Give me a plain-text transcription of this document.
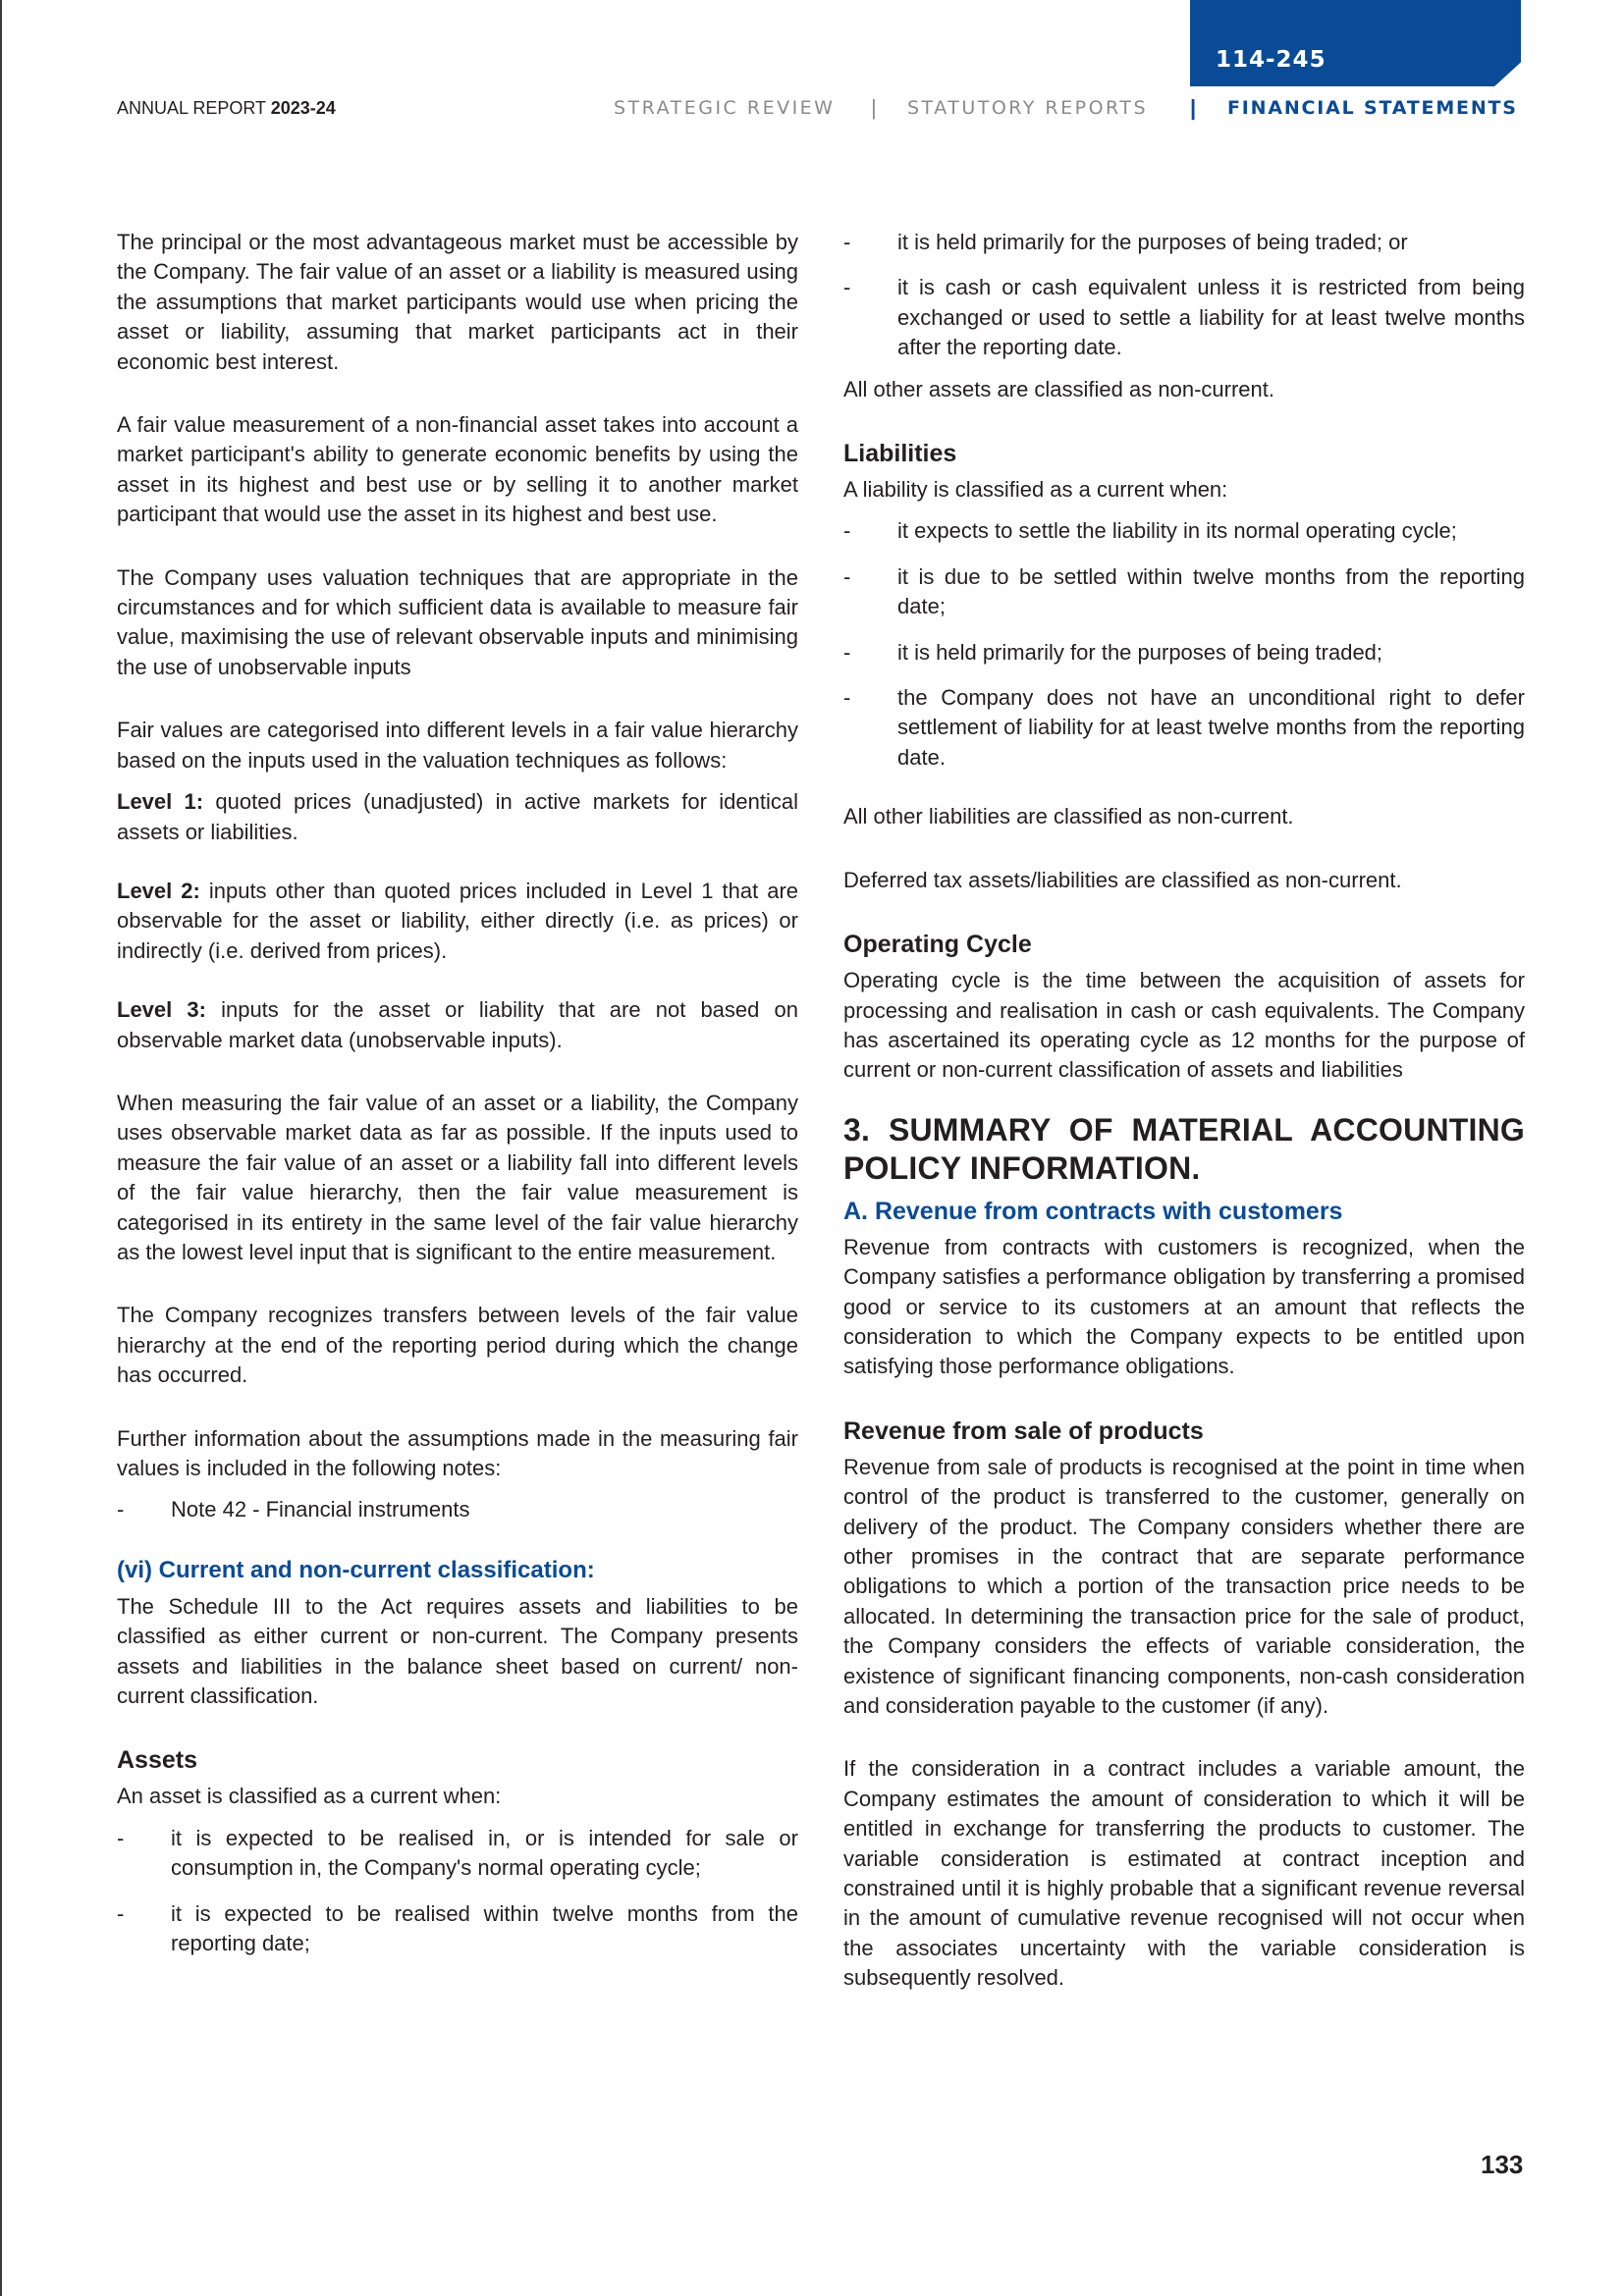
114-245
ANNUAL REPORT 2023-24	STRATEGIC REVIEW | STATUTORY REPORTS | FINANCIAL STATEMENTS

The principal or the most advantageous market must be accessible by the Company. The fair value of an asset or a liability is measured using the assumptions that market participants would use when pricing the asset or liability, assuming that market participants act in their economic best interest.

A fair value measurement of a non-financial asset takes into account a market participant's ability to generate economic benefits by using the asset in its highest and best use or by selling it to another market participant that would use the asset in its highest and best use.

The Company uses valuation techniques that are appropriate in the circumstances and for which sufficient data is available to measure fair value, maximising the use of relevant observable inputs and minimising the use of unobservable inputs

Fair values are categorised into different levels in a fair value hierarchy based on the inputs used in the valuation techniques as follows:

Level 1: quoted prices (unadjusted) in active markets for identical assets or liabilities.

Level 2: inputs other than quoted prices included in Level 1 that are observable for the asset or liability, either directly (i.e. as prices) or indirectly (i.e. derived from prices).

Level 3: inputs for the asset or liability that are not based on observable market data (unobservable inputs).

When measuring the fair value of an asset or a liability, the Company uses observable market data as far as possible. If the inputs used to measure the fair value of an asset or a liability fall into different levels of the fair value hierarchy, then the fair value measurement is categorised in its entirety in the same level of the fair value hierarchy as the lowest level input that is significant to the entire measurement.

The Company recognizes transfers between levels of the fair value hierarchy at the end of the reporting period during which the change has occurred.

Further information about the assumptions made in the measuring fair values is included in the following notes:

- Note 42 - Financial instruments
(vi) Current and non-current classification:

The Schedule III to the Act requires assets and liabilities to be classified as either current or non-current. The Company presents assets and liabilities in the balance sheet based on current/ non-current classification.

Assets

An asset is classified as a current when:

- it is expected to be realised in, or is intended for sale or consumption in, the Company's normal operating cycle;
- it is expected to be realised within twelve months from the reporting date;
- it is held primarily for the purposes of being traded; or
- it is cash or cash equivalent unless it is restricted from being exchanged or used to settle a liability for at least twelve months after the reporting date.

All other assets are classified as non-current.

Liabilities

A liability is classified as a current when:

- it expects to settle the liability in its normal operating cycle;
- it is due to be settled within twelve months from the reporting date;
- it is held primarily for the purposes of being traded;
- the Company does not have an unconditional right to defer settlement of liability for at least twelve months from the reporting date.

All other liabilities are classified as non-current.

Deferred tax assets/liabilities are classified as non-current.

Operating Cycle

Operating cycle is the time between the acquisition of assets for processing and realisation in cash or cash equivalents. The Company has ascertained its operating cycle as 12 months for the purpose of current or non-current classification of assets and liabilities

3. SUMMARY OF MATERIAL ACCOUNTING POLICY INFORMATION.
A. Revenue from contracts with customers

Revenue from contracts with customers is recognized, when the Company satisfies a performance obligation by transferring a promised good or service to its customers at an amount that reflects the consideration to which the Company expects to be entitled upon satisfying those performance obligations.

Revenue from sale of products

Revenue from sale of products is recognised at the point in time when control of the product is transferred to the customer, generally on delivery of the product. The Company considers whether there are other promises in the contract that are separate performance obligations to which a portion of the transaction price needs to be allocated. In determining the transaction price for the sale of product, the Company considers the effects of variable consideration, the existence of significant financing components, non-cash consideration and consideration payable to the customer (if any).

If the consideration in a contract includes a variable amount, the Company estimates the amount of consideration to which it will be entitled in exchange for transferring the products to customer. The variable consideration is estimated at contract inception and constrained until it is highly probable that a significant revenue reversal in the amount of cumulative revenue recognised will not occur when the associates uncertainty with the variable consideration is subsequently resolved.

133
